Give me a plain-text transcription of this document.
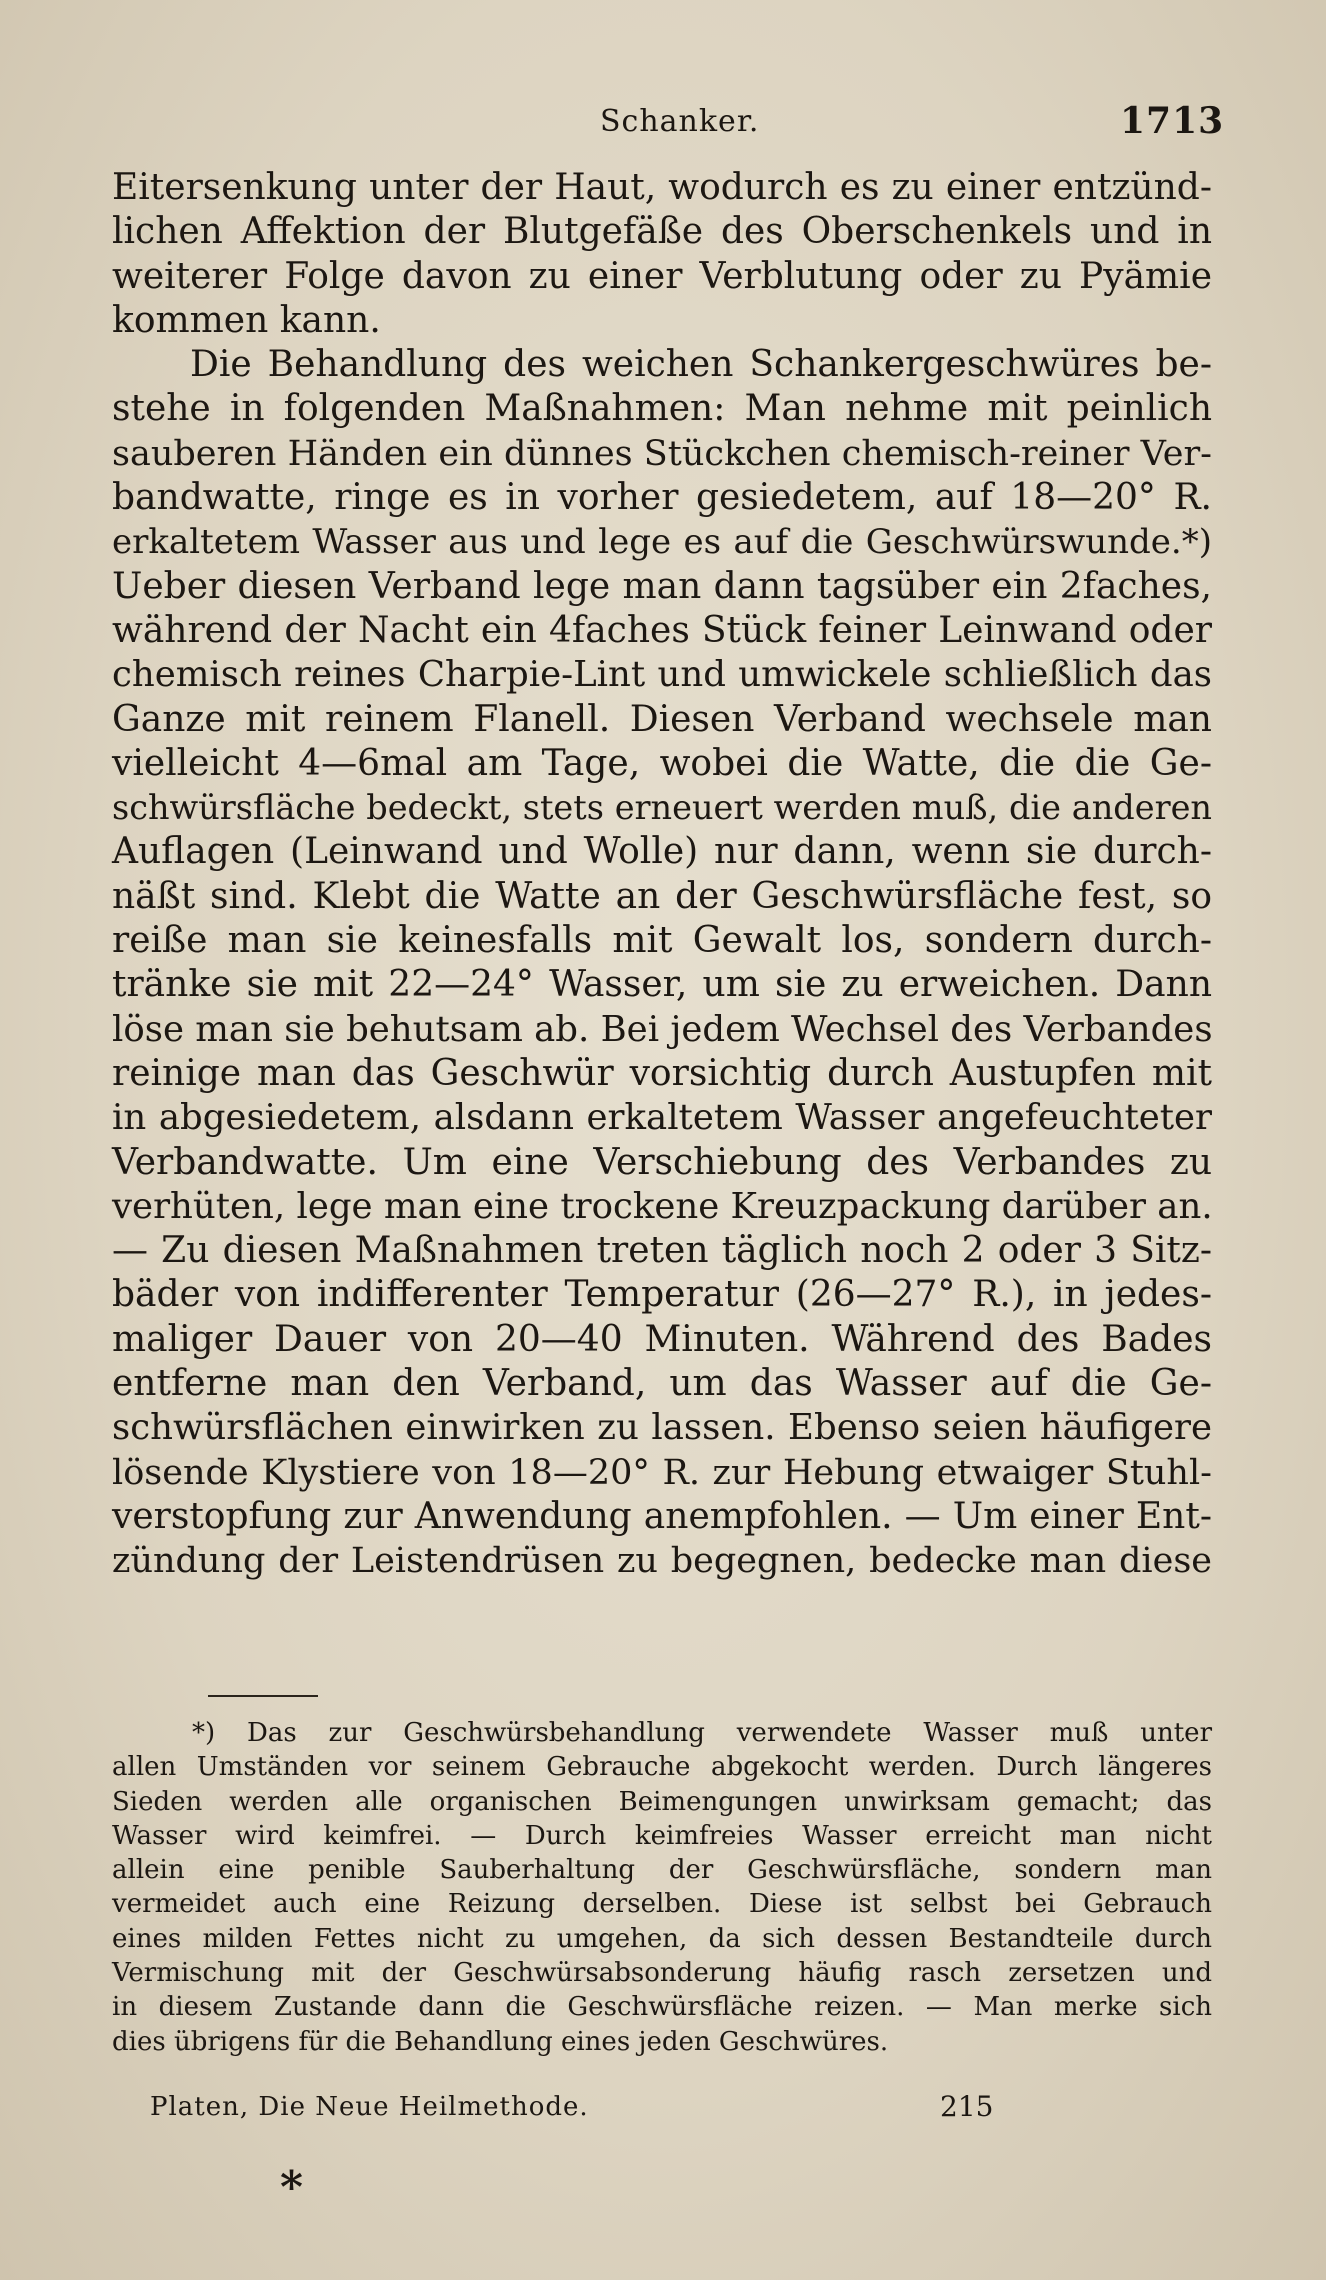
Schanker.	1713
Eitersenkung unter der Haut, wodurch es zu einer entzünd-
lichen Affektion der Blutgefäße des Oberschenkels und in
weiterer Folge davon zu einer Verblutung oder zu Pyämie
kommen kann.
Die Behandlung des weichen Schankergeschwüres be-
stehe in folgenden Maßnahmen: Man nehme mit peinlich
sauberen Händen ein dünnes Stückchen chemisch-reiner Ver-
bandwatte, ringe es in vorher gesiedetem, auf 18—20° R.
erkaltetem Wasser aus und lege es auf die Geschwürswunde.*)
Ueber diesen Verband lege man dann tagsüber ein 2faches,
während der Nacht ein 4faches Stück feiner Leinwand oder
chemisch reines Charpie-Lint und umwickele schließlich das
Ganze mit reinem Flanell. Diesen Verband wechsele man
vielleicht 4—6mal am Tage, wobei die Watte, die die Ge-
schwürsfläche bedeckt, stets erneuert werden muß, die anderen
Auflagen (Leinwand und Wolle) nur dann, wenn sie durch-
näßt sind. Klebt die Watte an der Geschwürsfläche fest, so
reiße man sie keinesfalls mit Gewalt los, sondern durch-
tränke sie mit 22—24° Wasser, um sie zu erweichen. Dann
löse man sie behutsam ab. Bei jedem Wechsel des Verbandes
reinige man das Geschwür vorsichtig durch Austupfen mit
in abgesiedetem, alsdann erkaltetem Wasser angefeuchteter
Verbandwatte. Um eine Verschiebung des Verbandes zu
verhüten, lege man eine trockene Kreuzpackung darüber an.
— Zu diesen Maßnahmen treten täglich noch 2 oder 3 Sitz-
bäder von indifferenter Temperatur (26—27° R.), in jedes-
maliger Dauer von 20—40 Minuten. Während des Bades
entferne man den Verband, um das Wasser auf die Ge-
schwürsflächen einwirken zu lassen. Ebenso seien häufigere
lösende Klystiere von 18—20° R. zur Hebung etwaiger Stuhl-
verstopfung zur Anwendung anempfohlen. — Um einer Ent-
zündung der Leistendrüsen zu begegnen, bedecke man diese
*) Das zur Geschwürsbehandlung verwendete Wasser muß unter
allen Umständen vor seinem Gebrauche abgekocht werden. Durch längeres
Sieden werden alle organischen Beimengungen unwirksam gemacht; das
Wasser wird keimfrei. — Durch keimfreies Wasser erreicht man nicht
allein eine penible Sauberhaltung der Geschwürsfläche, sondern man
vermeidet auch eine Reizung derselben. Diese ist selbst bei Gebrauch
eines milden Fettes nicht zu umgehen, da sich dessen Bestandteile durch
Vermischung mit der Geschwürsabsonderung häufig rasch zersetzen und
in diesem Zustande dann die Geschwürsfläche reizen. — Man merke sich
dies übrigens für die Behandlung eines jeden Geschwüres.
Platen, Die Neue Heilmethode.	215
*
